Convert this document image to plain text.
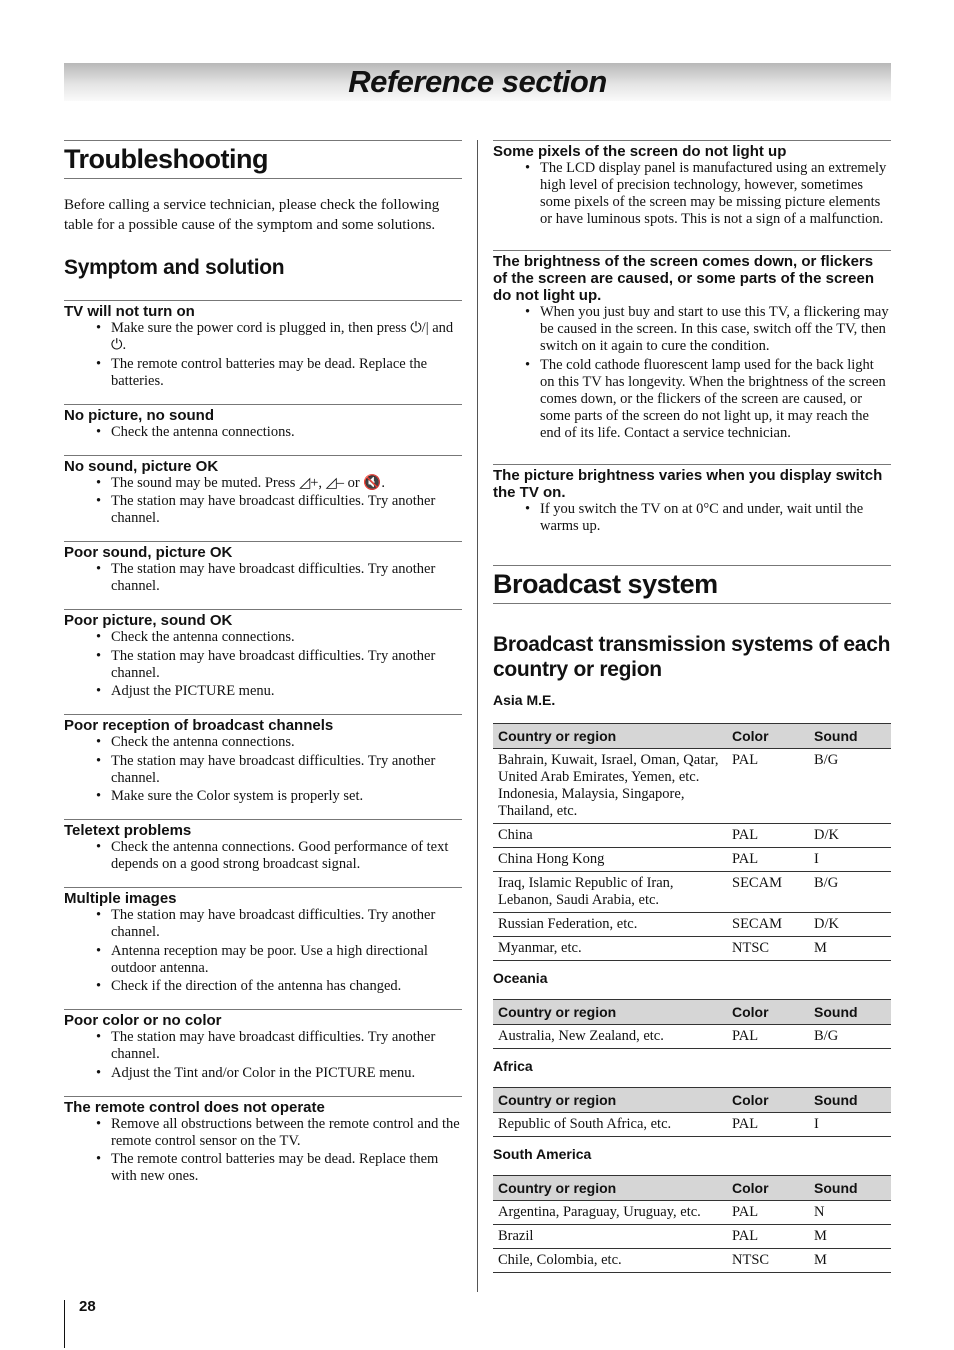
Reference section
Troubleshooting

Before calling a service technician, please check the following table for a possible cause of the symptom and some solutions.

Symptom and solution
TV will not turn on
• Make sure the power cord is plugged in, then press ⏻/| and ⏻.
• The remote control batteries may be dead. Replace the batteries.
No picture, no sound
• Check the antenna connections.
No sound, picture OK
• The sound may be muted. Press ◿+, ◿– or 🔇.
• The station may have broadcast difficulties. Try another channel.
Poor sound, picture OK
• The station may have broadcast difficulties. Try another channel.
Poor picture, sound OK
• Check the antenna connections.
• The station may have broadcast difficulties. Try another channel.
• Adjust the PICTURE menu.
Poor reception of broadcast channels
• Check the antenna connections.
• The station may have broadcast difficulties. Try another channel.
• Make sure the Color system is properly set.
Teletext problems
• Check the antenna connections. Good performance of text depends on a good strong broadcast signal.
Multiple images
• The station may have broadcast difficulties. Try another channel.
• Antenna reception may be poor. Use a high directional outdoor antenna.
• Check if the direction of the antenna has changed.
Poor color or no color
• The station may have broadcast difficulties. Try another channel.
• Adjust the Tint and/or Color in the PICTURE menu.
The remote control does not operate
• Remove all obstructions between the remote control and the remote control sensor on the TV.
• The remote control batteries may be dead. Replace them with new ones.
Some pixels of the screen do not light up
• The LCD display panel is manufactured using an extremely high level of precision technology, however, sometimes some pixels of the screen may be missing picture elements or have luminous spots. This is not a sign of a malfunction.
The brightness of the screen comes down, or flickers of the screen are caused, or some parts of the screen do not light up.
• When you just buy and start to use this TV, a flickering may be caused in the screen. In this case, switch off the TV, then switch on it again to cure the condition.
• The cold cathode fluorescent lamp used for the back light on this TV has longevity. When the brightness of the screen comes down, or the flickers of the screen are caused, or some parts of the screen do not light up, it may reach the end of its life. Contact a service technician.
The picture brightness varies when you display switch the TV on.
• If you switch the TV on at 0°C and under, wait until the warms up.
Broadcast system
Broadcast transmission systems of each country or region
Asia M.E.
Country or region	Color	Sound
Bahrain, Kuwait, Israel, Oman, Qatar, United Arab Emirates, Yemen, etc. Indonesia, Malaysia, Singapore, Thailand, etc.	PAL	B/G
China	PAL	D/K
China Hong Kong	PAL	I
Iraq, Islamic Republic of Iran, Lebanon, Saudi Arabia, etc.	SECAM	B/G
Russian Federation, etc.	SECAM	D/K
Myanmar, etc.	NTSC	M
Oceania
Country or region	Color	Sound
Australia, New Zealand, etc.	PAL	B/G
Africa
Country or region	Color	Sound
Republic of South Africa, etc.	PAL	I
South America
Country or region	Color	Sound
Argentina, Paraguay, Uruguay, etc.	PAL	N
Brazil	PAL	M
Chile, Colombia, etc.	NTSC	M
28
